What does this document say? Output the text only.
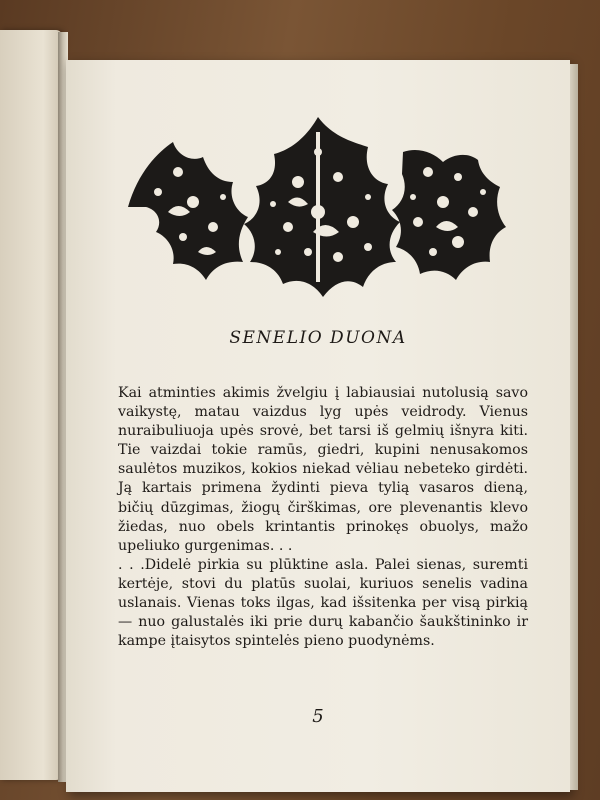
SENELIO DUONA

Kai atminties akimis žvelgiu į labiausiai nutolusią savo vaikystę, matau vaizdus lyg upės veidrody. Vienus nuraibuliuoja upės srovė, bet tarsi iš gelmių išnyra kiti. Tie vaizdai tokie ramūs, giedri, kupini nenusakomos saulėtos muzikos, kokios niekad vėliau nebeteko girdėti. Ją kartais primena žydinti pieva tylią vasaros dieną, bičių dūzgimas, žiogų čirškimas, ore plevenantis klevo žiedas, nuo obels krintantis prinokęs obuolys, mažo upeliuko gurgenimas. . .

. . .Didelė pirkia su plūktine asla. Palei sienas, suremti kertėje, stovi du platūs suolai, kuriuos senelis vadina uslanais. Vienas toks ilgas, kad išsitenka per visą pirkią — nuo galustalės iki prie durų kabančio šaukštininko ir kampe įtaisytos spintelės pieno puodynėms.

5
